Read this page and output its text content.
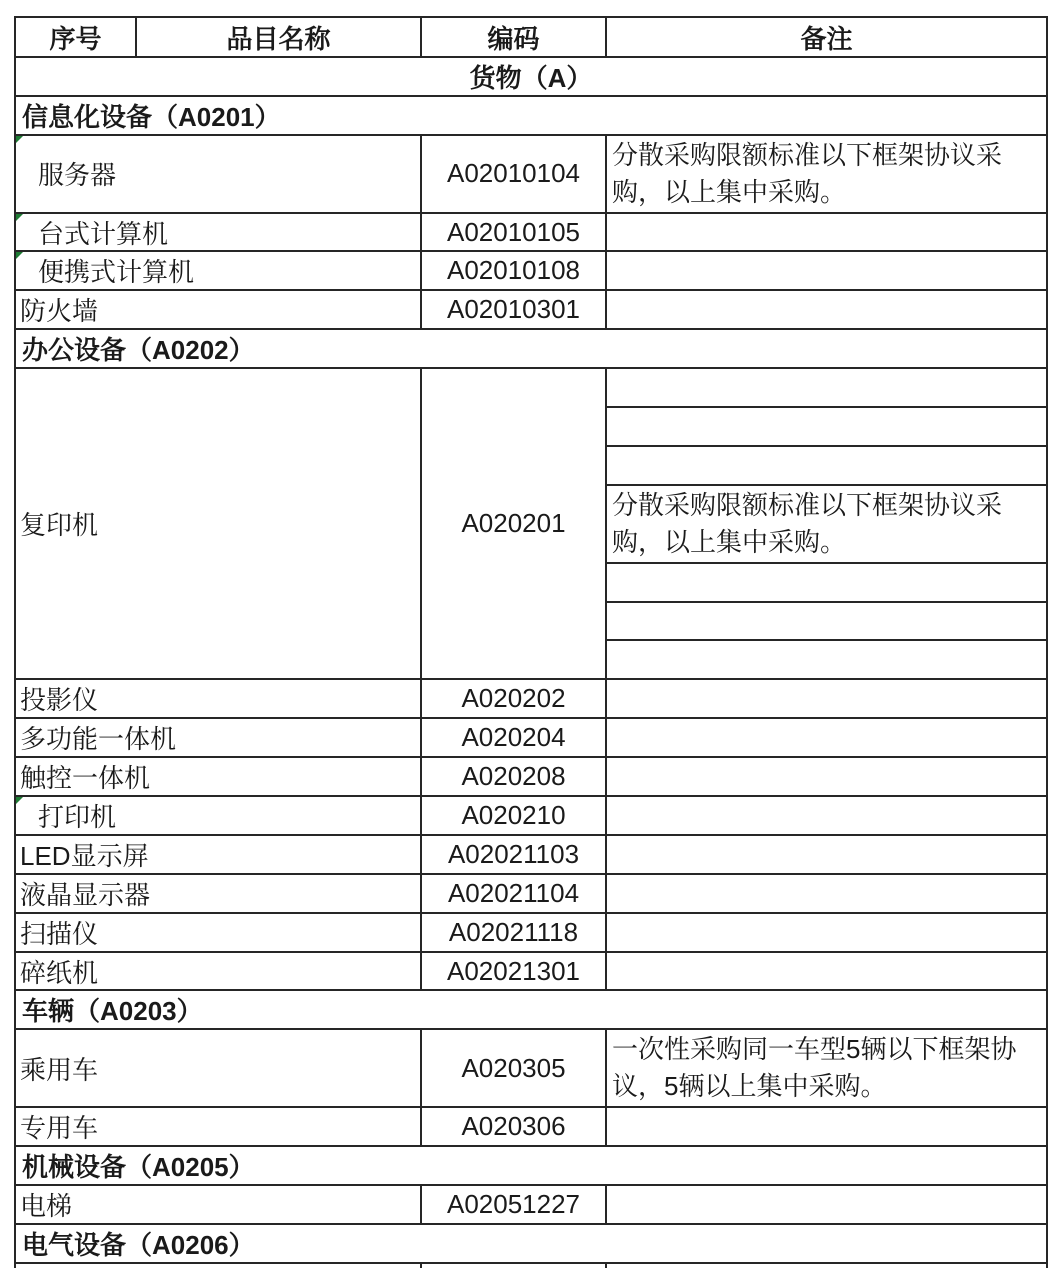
序号	品目名称	编码	备注
货物（A）
信息化设备（A0201）
服务器	A02010104
分散采购限额标准以下框架协议采
购，以上集中采购。
台式计算机	A02010105
便携式计算机	A02010108
防火墙	A02010301
办公设备（A0202）
复印机	A020201
分散采购限额标准以下框架协议采
购，以上集中采购。
投影仪	A020202
多功能一体机	A020204
触控一体机	A020208
打印机	A020210
LED显示屏	A02021103
液晶显示器	A02021104
扫描仪	A02021118
碎纸机	A02021301
车辆（A0203）
乘用车	A020305
一次性采购同一车型5辆以下框架协
议，5辆以上集中采购。
专用车	A020306
机械设备（A0205）
电梯	A02051227
电气设备（A0206）
